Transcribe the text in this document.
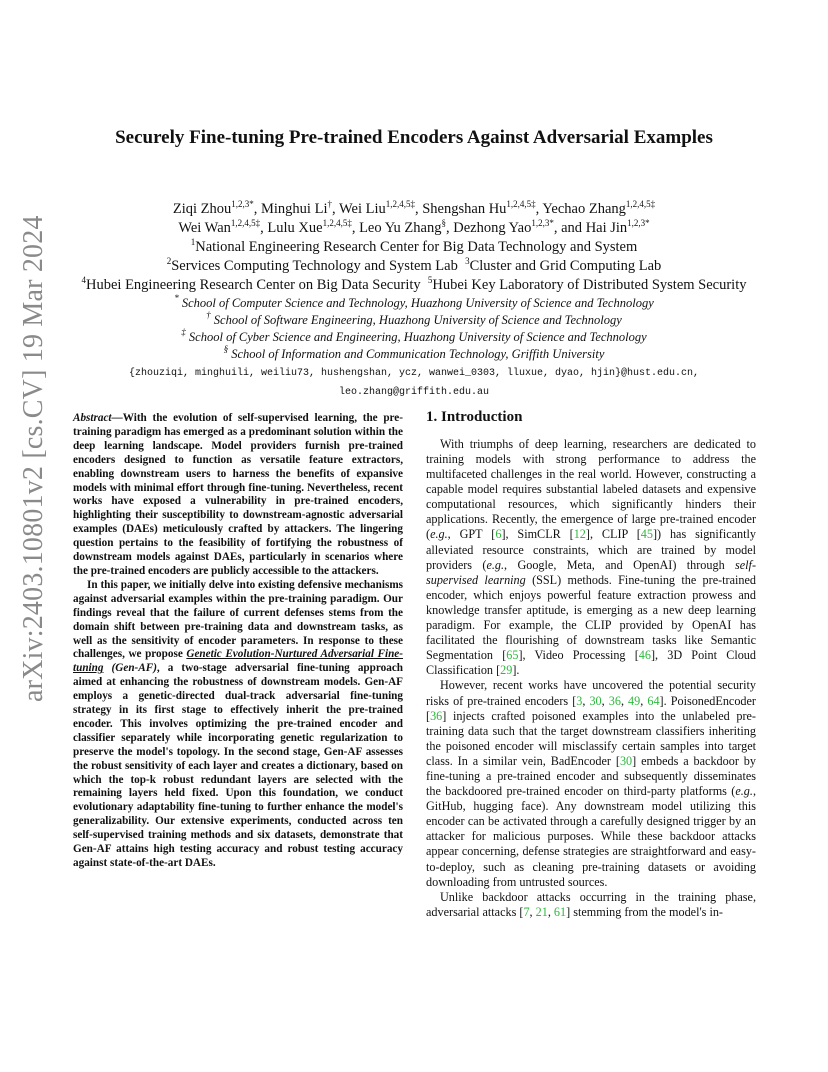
arXiv:2403.10801v2 [cs.CV] 19 Mar 2024
Securely Fine-tuning Pre-trained Encoders Against Adversarial Examples
Ziqi Zhou$^{1,2,3*}$, Minghui Li†, Wei Liu$^{1,2,4,5\ddagger}$, Shengshan $Hu^{1,2,4,5\ddagger}$, Yechao Zhang$^{1,2,4,5\ddagger}$
Wei Wan$^{1,2,4,5\ddagger}$, Lulu Xue$^{1,2,4,5\ddagger}$, Leo Yu Zhang§, Dezhong Yao$^{1,2,3*}$, and Hai Jin$^{1,2,3*}$
$^1$National Engineering Research Center for Big Data Technology and System
$^2$Services Computing Technology and System Lab $^3$Cluster and Grid Computing Lab
$^4$Hubei Engineering Research Center on Big Data Security $^5$Hubei Key Laboratory of Distributed System Security
* School of Computer Science and Technology, Huazhong University of Science and Technology
† School of Software Engineering, Huazhong University of Science and Technology
‡ School of Cyber Science and Engineering, Huazhong University of Science and Technology
§ School of Information and Communication Technology, Griffith University
{zhouziqi, minghuili, weiliu73, hushengshan, ycz, wanwei_0303, lluxue, dyao, hjin}@hust.edu.cn,
leo.zhang@griffith.edu.au

Abstract—With the evolution of self-supervised learning, the pre-training paradigm has emerged as a predominant solution within the deep learning landscape. Model providers furnish pre-trained encoders designed to function as versatile feature extractors, enabling downstream users to harness the benefits of expansive models with minimal effort through fine-tuning. Nevertheless, recent works have exposed a vulnerability in pre-trained encoders, highlighting their susceptibility to downstream-agnostic adversarial examples (DAEs) meticulously crafted by attackers. The lingering question pertains to the feasibility of fortifying the robustness of downstream models against DAEs, particularly in scenarios where the pre-trained encoders are publicly accessible to the attackers.

In this paper, we initially delve into existing defensive mechanisms against adversarial examples within the pre-training paradigm. Our findings reveal that the failure of current defenses stems from the domain shift between pre-training data and downstream tasks, as well as the sensitivity of encoder parameters. In response to these challenges, we propose Genetic Evolution-Nurtured Adversarial Fine-tuning (Gen-AF), a two-stage adversarial fine-tuning approach aimed at enhancing the robustness of downstream models. Gen-AF employs a genetic-directed dual-track adversarial fine-tuning strategy in its first stage to effectively inherit the pre-trained encoder. This involves optimizing the pre-trained encoder and classifier separately while incorporating genetic regularization to preserve the model's topology. In the second stage, Gen-AF assesses the robust sensitivity of each layer and creates a dictionary, based on which the top-k robust redundant layers are selected with the remaining layers held fixed. Upon this foundation, we conduct evolutionary adaptability fine-tuning to further enhance the model's generalizability. Our extensive experiments, conducted across ten self-supervised training methods and six datasets, demonstrate that Gen-AF attains high testing accuracy and robust testing accuracy against state-of-the-art DAEs.

1. Introduction

With triumphs of deep learning, researchers are dedicated to training models with strong performance to address the multifaceted challenges in the real world. However, constructing a capable model requires substantial labeled datasets and expensive computational resources, which significantly hinders their applications. Recently, the emergence of large pre-trained encoder (e.g., GPT [6], SimCLR [12], CLIP [45]) has significantly alleviated resource constraints, which are trained by model providers (e.g., Google, Meta, and OpenAI) through self-supervised learning (SSL) methods. Fine-tuning the pre-trained encoder, which enjoys powerful feature extraction prowess and knowledge transfer aptitude, is emerging as a new deep learning paradigm. For example, the CLIP provided by OpenAI has facilitated the flourishing of downstream tasks like Semantic Segmentation [65], Video Processing [46], 3D Point Cloud Classification [29].

However, recent works have uncovered the potential security risks of pre-trained encoders [3, 30, 36, 49, 64]. PoisonedEncoder [36] injects crafted poisoned examples into the unlabeled pre-training data such that the target downstream classifiers inheriting the poisoned encoder will misclassify certain samples into target class. In a similar vein, BadEncoder [30] embeds a backdoor by fine-tuning a pre-trained encoder and subsequently disseminates the backdoored pre-trained encoder on third-party platforms (e.g., GitHub, hugging face). Any downstream model utilizing this encoder can be activated through a carefully designed trigger by an attacker for malicious purposes. While these backdoor attacks appear concerning, defense strategies are straightforward and easy-to-deploy, such as cleaning pre-training datasets or avoiding downloading from untrusted sources.

Unlike backdoor attacks occurring in the training phase, adversarial attacks [7, 21, 61] stemming from the model's in-
